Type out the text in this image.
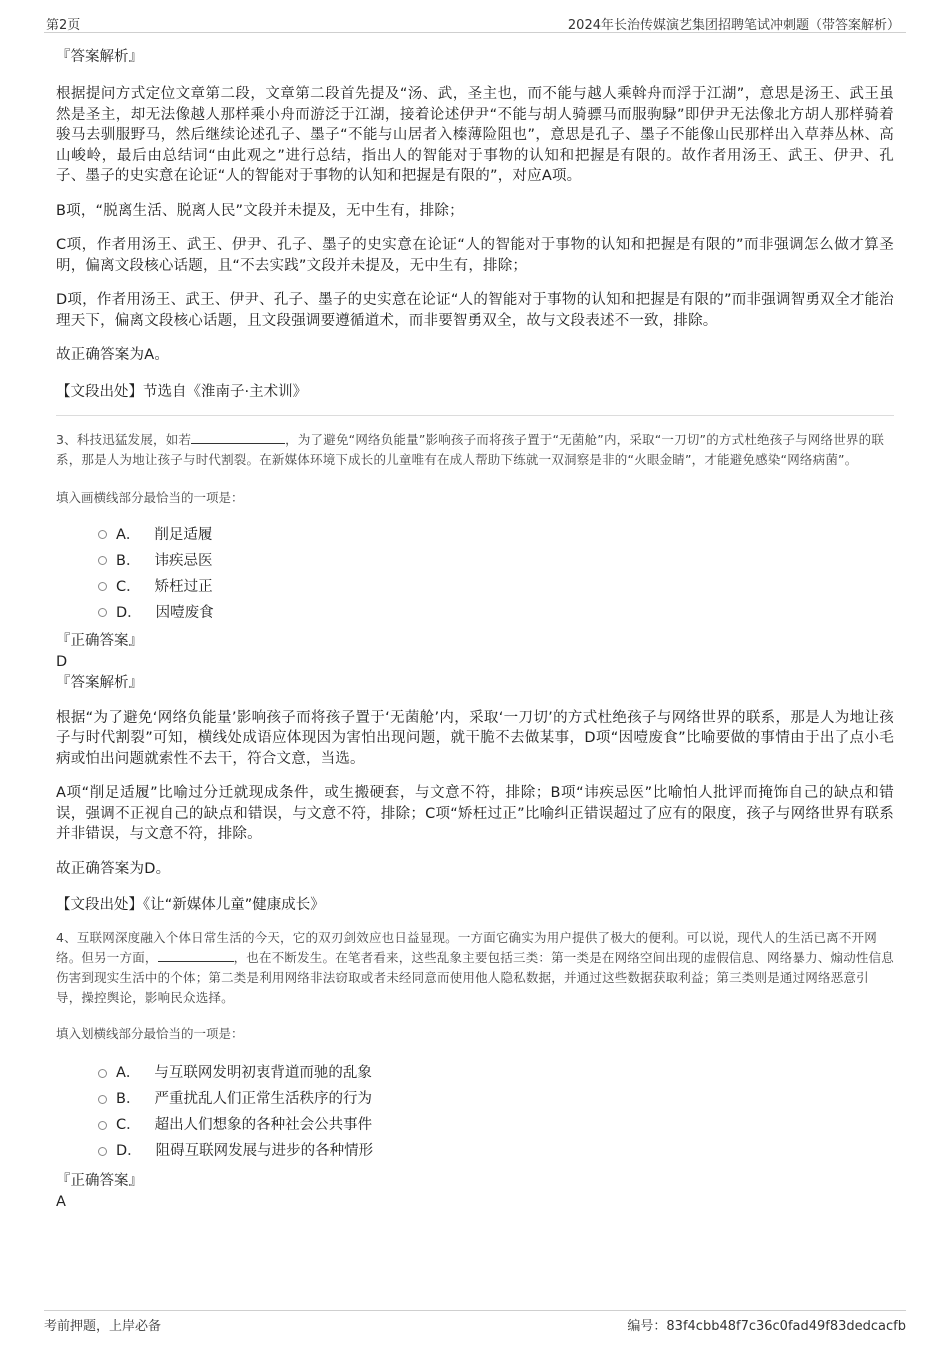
第2页	2024年长治传媒演艺集团招聘笔试冲刺题（带答案解析）

『答案解析』

根据提问方式定位文章第二段，文章第二段首先提及“汤、武，圣主也，而不能与越人乘斡舟而浮于江湖”，意思是汤王、武王虽然是圣主，却无法像越人那样乘小舟而游泛于江湖，接着论述伊尹“不能与胡人骑骠马而服驹騄”即伊尹无法像北方胡人那样骑着骏马去驯服野马，然后继续论述孔子、墨子“不能与山居者入榛薄险阻也”，意思是孔子、墨子不能像山民那样出入草莽丛林、高山峻岭，最后由总结词“由此观之”进行总结，指出人的智能对于事物的认知和把握是有限的。故作者用汤王、武王、伊尹、孔子、墨子的史实意在论证“人的智能对于事物的认知和把握是有限的”，对应A项。

B项，“脱离生活、脱离人民”文段并未提及，无中生有，排除；

C项，作者用汤王、武王、伊尹、孔子、墨子的史实意在论证“人的智能对于事物的认知和把握是有限的”而非强调怎么做才算圣明，偏离文段核心话题，且“不去实践”文段并未提及，无中生有，排除；

D项，作者用汤王、武王、伊尹、孔子、墨子的史实意在论证“人的智能对于事物的认知和把握是有限的”而非强调智勇双全才能治理天下，偏离文段核心话题，且文段强调要遵循道术，而非要智勇双全，故与文段表述不一致，排除。

故正确答案为A。

【文段出处】节选自《淮南子·主术训》

3、科技迅猛发展，如若	，为了避免“网络负能量”影响孩子而将孩子置于“无菌舱”内，采取“一刀切”的方式杜绝孩子与网络世界的联系，那是人为地让孩子与时代割裂。在新媒体环境下成长的儿童唯有在成人帮助下练就一双洞察是非的“火眼金睛”，才能避免感染“网络病菌”。

填入画横线部分最恰当的一项是：

A． 削足适履
B． 讳疾忌医
C． 矫枉过正
D． 因噎废食

『正确答案』

D

『答案解析』

根据“为了避免‘网络负能量’影响孩子而将孩子置于‘无菌舱’内，采取‘一刀切’的方式杜绝孩子与网络世界的联系，那是人为地让孩子与时代割裂”可知，横线处成语应体现因为害怕出现问题，就干脆不去做某事，D项“因噎废食”比喻要做的事情由于出了点小毛病或怕出问题就索性不去干，符合文意，当选。

A项“削足适履”比喻过分迁就现成条件，或生搬硬套，与文意不符，排除；B项“讳疾忌医”比喻怕人批评而掩饰自己的缺点和错误，强调不正视自己的缺点和错误，与文意不符，排除；C项“矫枉过正”比喻纠正错误超过了应有的限度，孩子与网络世界有联系并非错误，与文意不符，排除。

故正确答案为D。

【文段出处】《让“新媒体儿童”健康成长》

4、互联网深度融入个体日常生活的今天，它的双刃剑效应也日益显现。一方面它确实为用户提供了极大的便利。可以说，现代人的生活已离不开网络。但另一方面，	，也在不断发生。在笔者看来，这些乱象主要包括三类：第一类是在网络空间出现的虚假信息、网络暴力、煽动性信息伤害到现实生活中的个体；第二类是利用网络非法窃取或者未经同意而使用他人隐私数据，并通过这些数据获取利益；第三类则是通过网络恶意引导，操控舆论，影响民众选择。

填入划横线部分最恰当的一项是：

A． 与互联网发明初衷背道而驰的乱象
B． 严重扰乱人们正常生活秩序的行为
C． 超出人们想象的各种社会公共事件
D． 阻碍互联网发展与进步的各种情形

『正确答案』

A

考前押题，上岸必备	编号：83f4cbb48f7c36c0fad49f83dedcacfb
